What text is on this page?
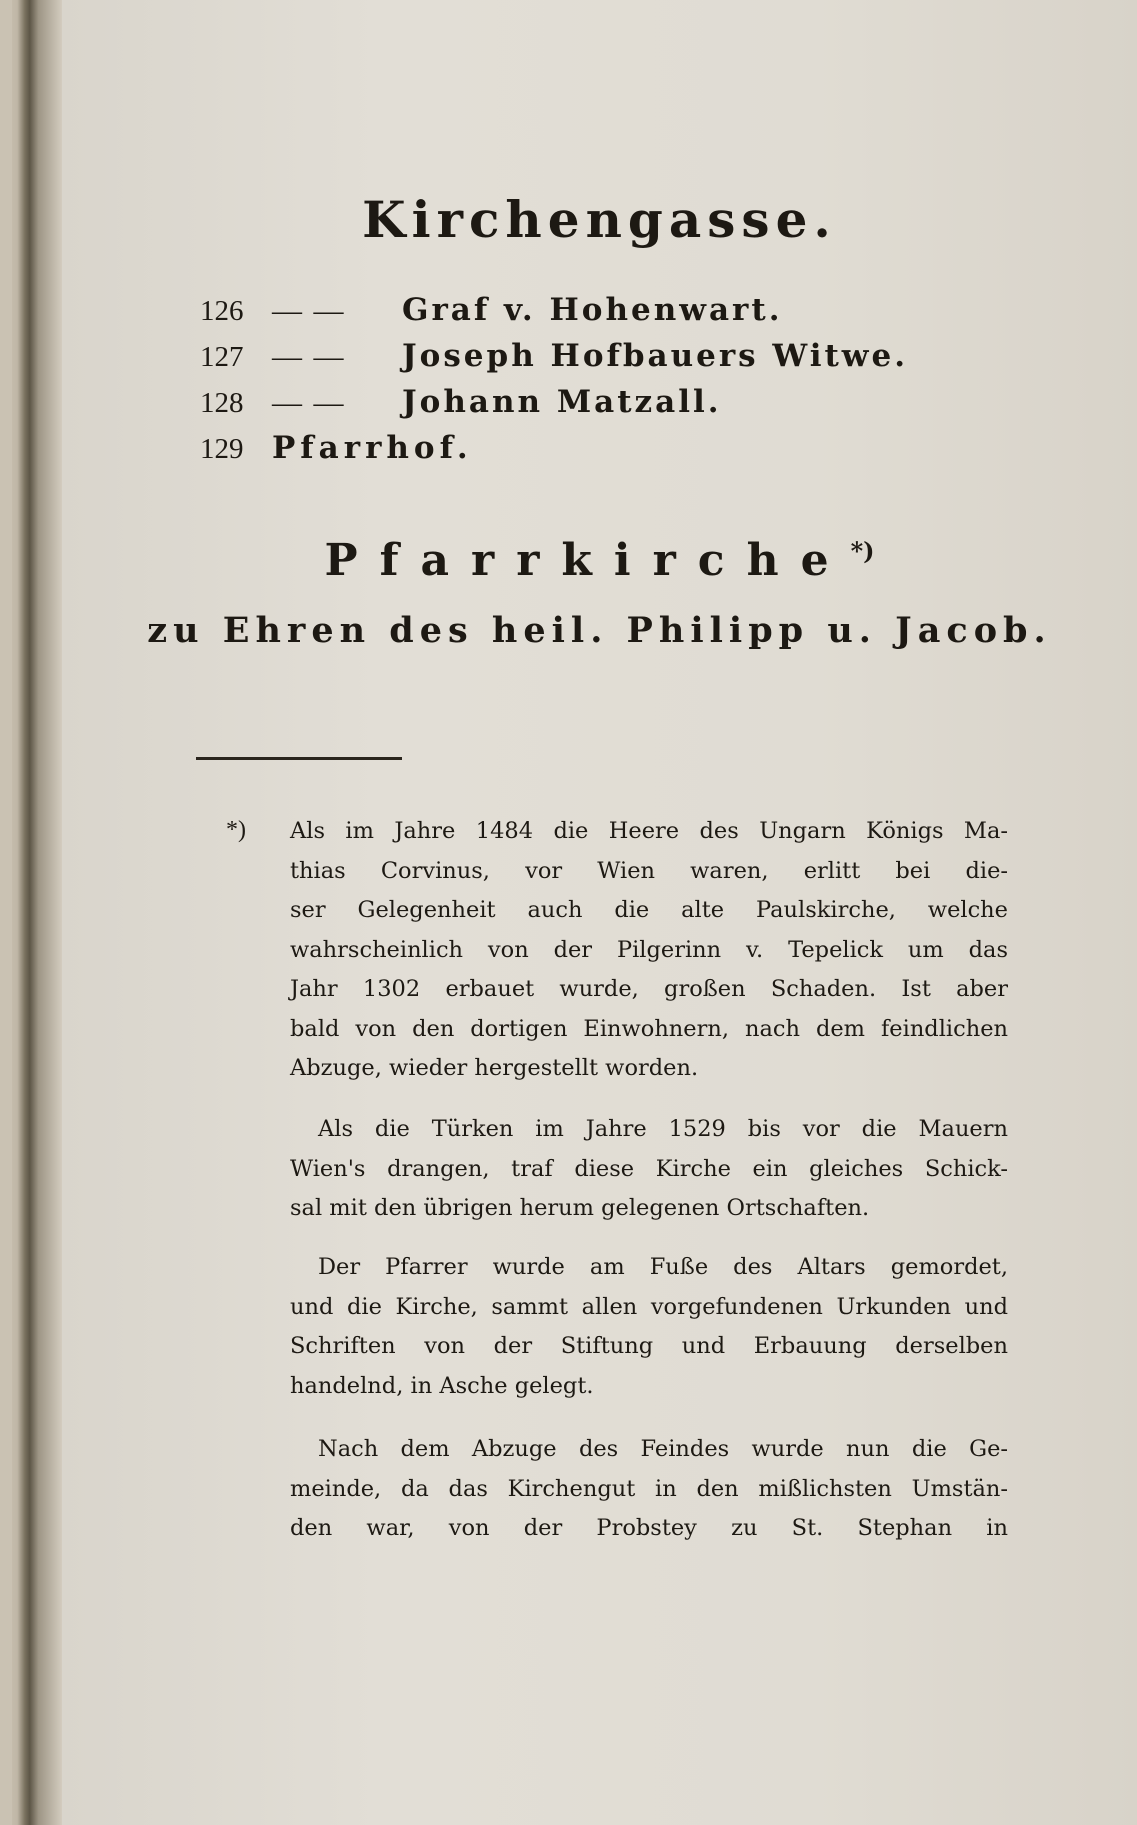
Kirchengasse.
126 — —	Graf v. Hohenwart.
127 — —	Joseph Hofbauers Witwe.
128 — —	Johann Matzall.
129 Pfarrhof.
Pfarrkirche*)
zu Ehren des heil. Philipp u. Jacob.
*) Als im Jahre 1484 die Heere des Ungarn Königs Ma-
thias Corvinus, vor Wien waren, erlitt bei die-
ser Gelegenheit auch die alte Paulskirche, welche
wahrscheinlich von der Pilgerinn v. Tepelick um das
Jahr 1302 erbauet wurde, großen Schaden. Ist aber
bald von den dortigen Einwohnern, nach dem feindlichen
Abzuge, wieder hergestellt worden.
Als die Türken im Jahre 1529 bis vor die Mauern
Wien's drangen, traf diese Kirche ein gleiches Schick-
sal mit den übrigen herum gelegenen Ortschaften.
Der Pfarrer wurde am Fuße des Altars gemordet,
und die Kirche, sammt allen vorgefundenen Urkunden und
Schriften von der Stiftung und Erbauung derselben
handelnd, in Asche gelegt.
Nach dem Abzuge des Feindes wurde nun die Ge-
meinde, da das Kirchengut in den mißlichsten Umstän-
den war, von der Probstey zu St. Stephan in
